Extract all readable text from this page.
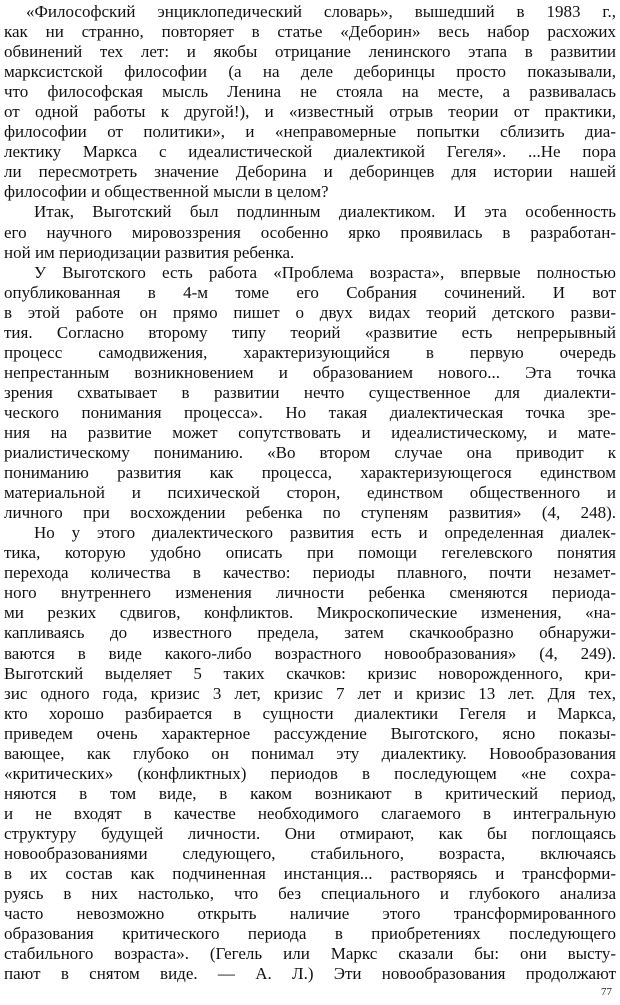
«Философский энциклопедический словарь», вышедший в 1983 г.,
как ни странно, повторяет в статье «Деборин» весь набор расхожих
обвинений тех лет: и якобы отрицание ленинского этапа в развитии
марксистской философии (а на деле деборинцы просто показывали,
что философская мысль Ленина не стояла на месте, а развивалась
от одной работы к другой!), и «известный отрыв теории от практики,
философии от политики», и «неправомерные попытки сблизить диа-
лектику Маркса с идеалистической диалектикой Гегеля». ...Не пора
ли пересмотреть значение Деборина и деборинцев для истории нашей
философии и общественной мысли в целом?
Итак, Выготский был подлинным диалектиком. И эта особенность
его научного мировоззрения особенно ярко проявилась в разработан-
ной им периодизации развития ребенка.
У Выготского есть работа «Проблема возраста», впервые полностью
опубликованная в 4-м томе его Собрания сочинений. И вот
в этой работе он прямо пишет о двух видах теорий детского разви-
тия. Согласно второму типу теорий «развитие есть непрерывный
процесс самодвижения, характеризующийся в первую очередь
непрестанным возникновением и образованием нового... Эта точка
зрения схватывает в развитии нечто существенное для диалекти-
ческого понимания процесса». Но такая диалектическая точка зре-
ния на развитие может сопутствовать и идеалистическому, и мате-
риалистическому пониманию. «Во втором случае она приводит к
пониманию развития как процесса, характеризующегося единством
материальной и психической сторон, единством общественного и
личного при восхождении ребенка по ступеням развития» (4, 248).
Но у этого диалектического развития есть и определенная диалек-
тика, которую удобно описать при помощи гегелевского понятия
перехода количества в качество: периоды плавного, почти незамет-
ного внутреннего изменения личности ребенка сменяются периода-
ми резких сдвигов, конфликтов. Микроскопические изменения, «на-
капливаясь до известного предела, затем скачкообразно обнаружи-
ваются в виде какого-либо возрастного новообразования» (4, 249).
Выготский выделяет 5 таких скачков: кризис новорожденного, кри-
зис одного года, кризис 3 лет, кризис 7 лет и кризис 13 лет. Для тех,
кто хорошо разбирается в сущности диалектики Гегеля и Маркса,
приведем очень характерное рассуждение Выготского, ясно показы-
вающее, как глубоко он понимал эту диалектику. Новообразования
«критических» (конфликтных) периодов в последующем «не сохра-
няются в том виде, в каком возникают в критический период,
и не входят в качестве необходимого слагаемого в интегральную
структуру будущей личности. Они отмирают, как бы поглощаясь
новообразованиями следующего, стабильного, возраста, включаясь
в их состав как подчиненная инстанция... растворяясь и трансформи-
руясь в них настолько, что без специального и глубокого анализа
часто невозможно открыть наличие этого трансформированного
образования критического периода в приобретениях последующего
стабильного возраста». (Гегель или Маркс сказали бы: они высту-
пают в снятом виде. — А. Л.) Эти новообразования продолжают
77
